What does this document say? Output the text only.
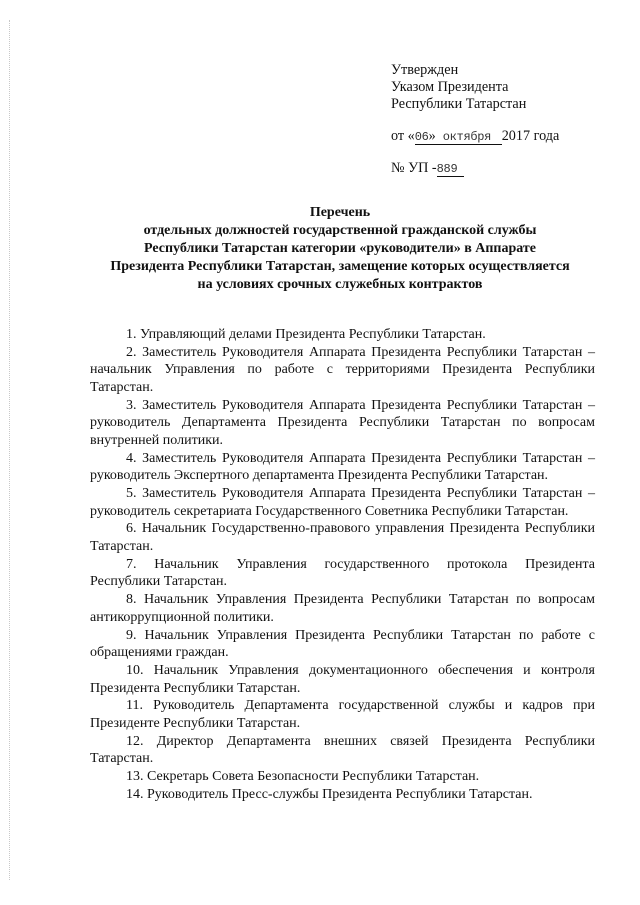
Утвержден
Указом Президента
Республики Татарстан
от «06» октября 2017 года
№ УП -889
Перечень
отдельных должностей государственной гражданской службы
Республики Татарстан категории «руководители» в Аппарате
Президента Республики Татарстан, замещение которых осуществляется
на условиях срочных служебных контрактов

1. Управляющий делами Президента Республики Татарстан.

2. Заместитель Руководителя Аппарата Президента Республики Татарстан – начальник Управления по работе с территориями Президента Республики Татарстан.

3. Заместитель Руководителя Аппарата Президента Республики Татарстан – руководитель Департамента Президента Республики Татарстан по вопросам внутренней политики.

4. Заместитель Руководителя Аппарата Президента Республики Татарстан – руководитель Экспертного департамента Президента Республики Татарстан.

5. Заместитель Руководителя Аппарата Президента Республики Татарстан – руководитель секретариата Государственного Советника Республики Татарстан.

6. Начальник Государственно-правового управления Президента Республики Татарстан.

7. Начальник Управления государственного протокола Президента Республики Татарстан.

8. Начальник Управления Президента Республики Татарстан по вопросам антикоррупционной политики.

9. Начальник Управления Президента Республики Татарстан по работе с обращениями граждан.

10. Начальник Управления документационного обеспечения и контроля Президента Республики Татарстан.

11. Руководитель Департамента государственной службы и кадров при Президенте Республики Татарстан.

12. Директор Департамента внешних связей Президента Республики Татарстан.

13. Секретарь Совета Безопасности Республики Татарстан.

14. Руководитель Пресс-службы Президента Республики Татарстан.
